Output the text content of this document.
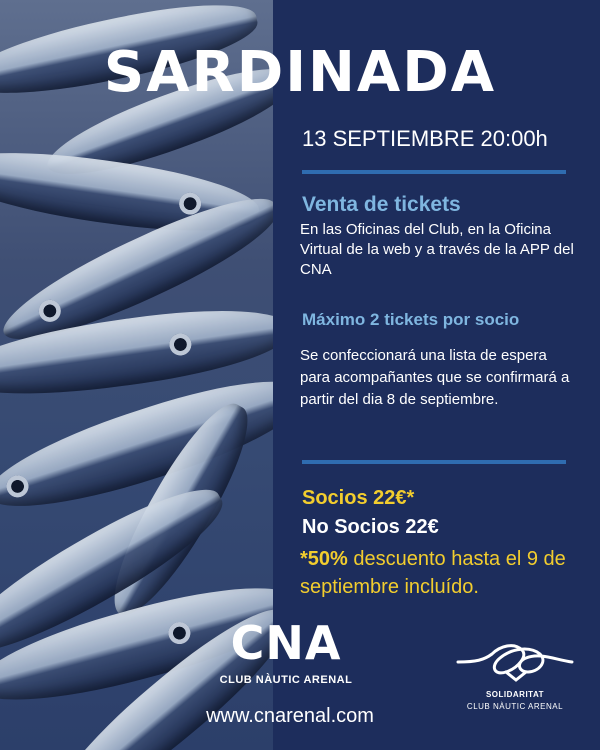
SARDINADA
13 SEPTIEMBRE 20:00h
Venta de tickets
En las Oficinas del Club, en la Oficina Virtual de la web y a través de la APP del CNA
Máximo 2 tickets por socio
Se confeccionará una lista de espera para acompañantes que se confirmará a partir del dia 8 de septiembre.
Socios 22€*
No Socios 22€
*50% descuento hasta el 9 de septiembre incluído.
CNA
CLUB NÀUTIC ARENAL
www.cnarenal.com
SOLIDARITAT
CLUB NÀUTIC ARENAL
